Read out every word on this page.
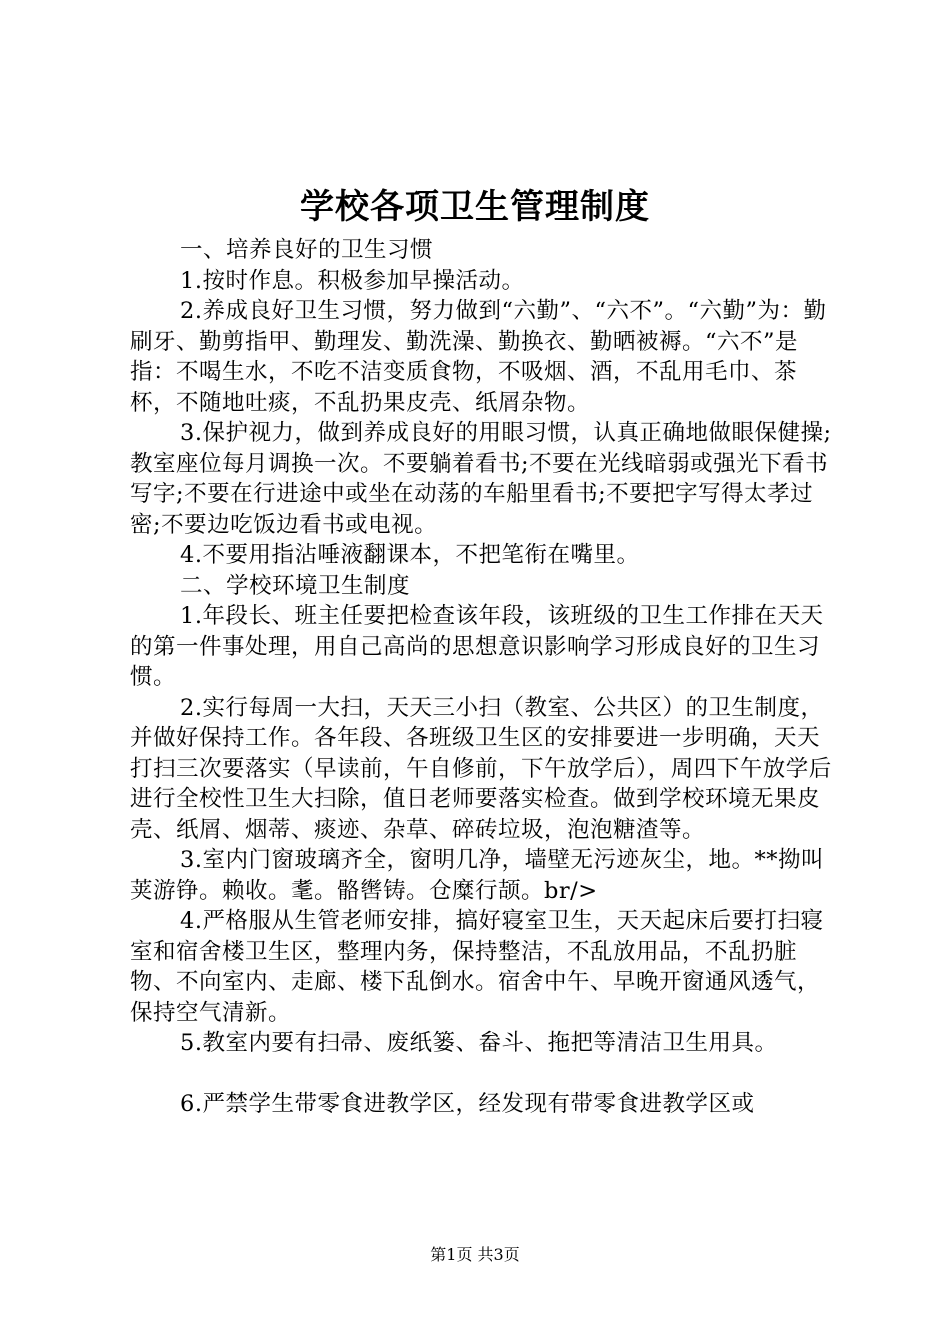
学校各项卫生管理制度

一、培养良好的卫生习惯

1.按时作息。积极参加早操活动。

2.养成良好卫生习惯，努力做到“六勤”、“六不”。“六勤”为：勤刷牙、勤剪指甲、勤理发、勤洗澡、勤换衣、勤晒被褥。“六不”是指：不喝生水，不吃不洁变质食物，不吸烟、酒，不乱用毛巾、茶杯，不随地吐痰，不乱扔果皮壳、纸屑杂物。

3.保护视力，做到养成良好的用眼习惯，认真正确地做眼保健操;教室座位每月调换一次。不要躺着看书;不要在光线暗弱或强光下看书写字;不要在行进途中或坐在动荡的车船里看书;不要把字写得太孝过密;不要边吃饭边看书或电视。

4.不要用指沾唾液翻课本，不把笔衔在嘴里。

二、学校环境卫生制度

1.年段长、班主任要把检查该年段，该班级的卫生工作排在天天的第一件事处理，用自己高尚的思想意识影响学习形成良好的卫生习惯。

2.实行每周一大扫，天天三小扫（教室、公共区）的卫生制度，并做好保持工作。各年段、各班级卫生区的安排要进一步明确，天天打扫三次要落实（早读前，午自修前，下午放学后），周四下午放学后进行全校性卫生大扫除，值日老师要落实检查。做到学校环境无果皮壳、纸屑、烟蒂、痰迹、杂草、碎砖垃圾，泡泡糖渣等。

3.室内门窗玻璃齐全，窗明几净，墙壁无污迹灰尘，地。**拗叫荚游铮。赖收。耄。骼辔铸。仓糜行颉。br/>

4.严格服从生管老师安排，搞好寝室卫生，天天起床后要打扫寝室和宿舍楼卫生区，整理内务，保持整洁，不乱放用品，不乱扔脏物、不向室内、走廊、楼下乱倒水。宿舍中午、早晚开窗通风透气，保持空气清新。

5.教室内要有扫帚、废纸篓、畚斗、拖把等清洁卫生用具。

6.严禁学生带零食进教学区，经发现有带零食进教学区或

第1页 共3页
